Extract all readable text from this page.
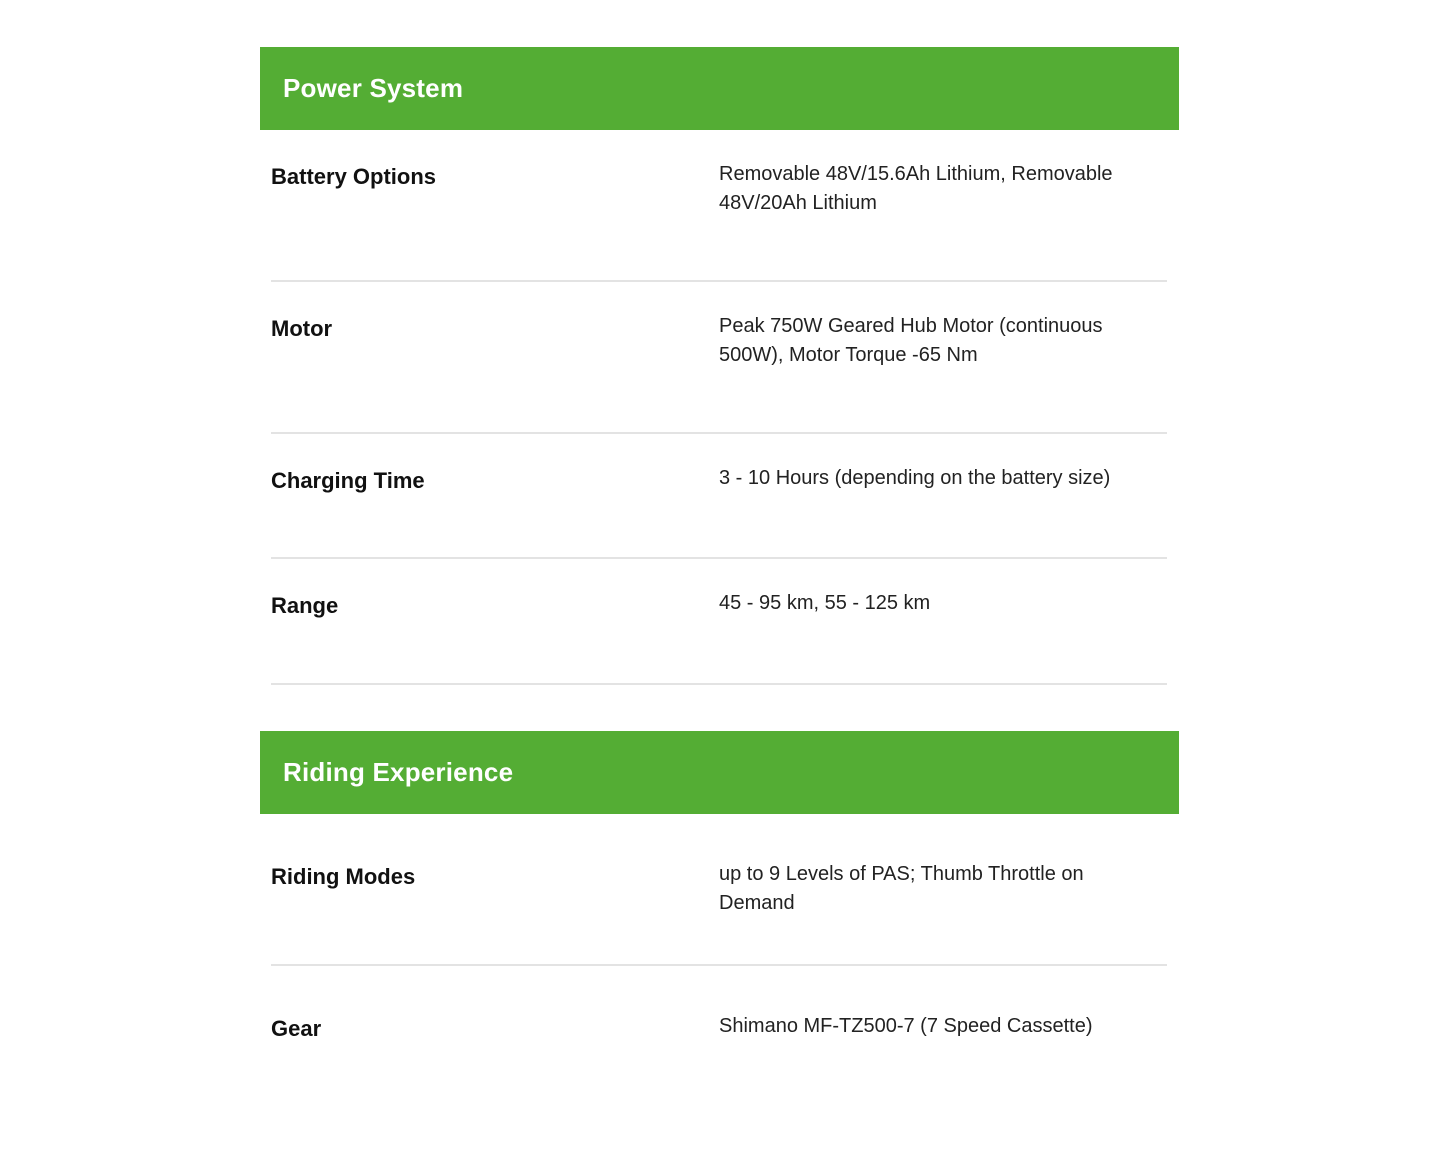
Power System
Battery Options	Removable 48V/15.6Ah Lithium, Removable 48V/20Ah Lithium
Motor	Peak 750W Geared Hub Motor (continuous 500W), Motor Torque -65 Nm
Charging Time	3 - 10 Hours (depending on the battery size)
Range	45 - 95 km, 55 - 125 km
Riding Experience
Riding Modes	up to 9 Levels of PAS; Thumb Throttle on Demand
Gear	Shimano MF-TZ500-7 (7 Speed Cassette)
